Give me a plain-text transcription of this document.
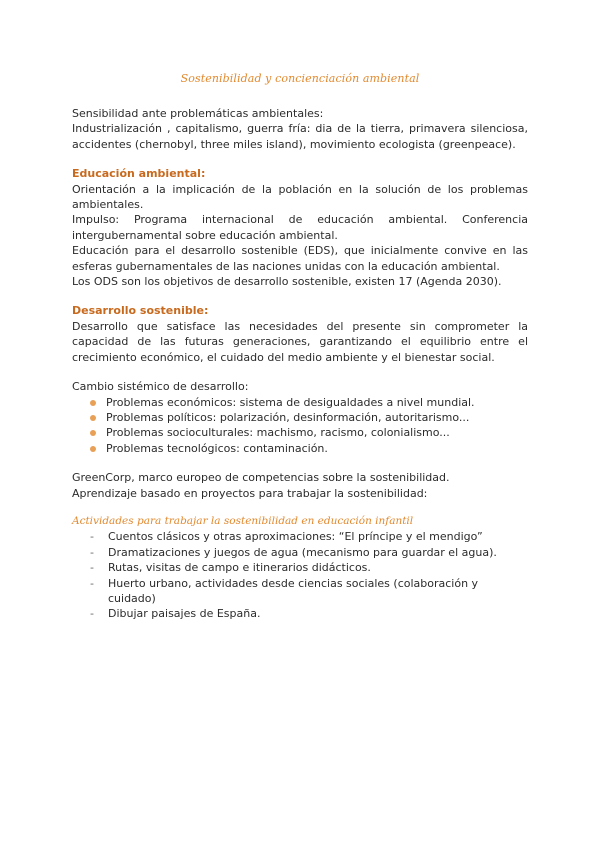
Sostenibilidad y concienciación ambiental

Sensibilidad ante problemáticas ambientales:

Industrialización , capitalismo, guerra fría: dia de la tierra, primavera silenciosa, accidentes (chernobyl, three miles island), movimiento ecologista (greenpeace).

Educación ambiental:

Orientación a la implicación de la población en la solución de los problemas ambientales.

Impulso: Programa internacional de educación ambiental. Conferencia intergubernamental sobre educación ambiental.

Educación para el desarrollo sostenible (EDS), que inicialmente convive en las esferas gubernamentales de las naciones unidas con la educación ambiental.

Los ODS son los objetivos de desarrollo sostenible, existen 17 (Agenda 2030).

Desarrollo sostenible:

Desarrollo que satisface las necesidades del presente sin comprometer la capacidad de las futuras generaciones, garantizando el equilibrio entre el crecimiento económico, el cuidado del medio ambiente y el bienestar social.

Cambio sistémico de desarrollo:

Problemas económicos: sistema de desigualdades a nivel mundial.
Problemas políticos: polarización, desinformación, autoritarismo...
Problemas socioculturales: machismo, racismo, colonialismo...
Problemas tecnológicos: contaminación.

GreenCorp, marco europeo de competencias sobre la sostenibilidad.

Aprendizaje basado en proyectos para trabajar la sostenibilidad:

Actividades para trabajar la sostenibilidad en educación infantil

- Cuentos clásicos y otras aproximaciones: “El príncipe y el mendigo”
- Dramatizaciones y juegos de agua (mecanismo para guardar el agua).
- Rutas, visitas de campo e itinerarios didácticos.
- Huerto urbano, actividades desde ciencias sociales (colaboración y cuidado)
- Dibujar paisajes de España.
